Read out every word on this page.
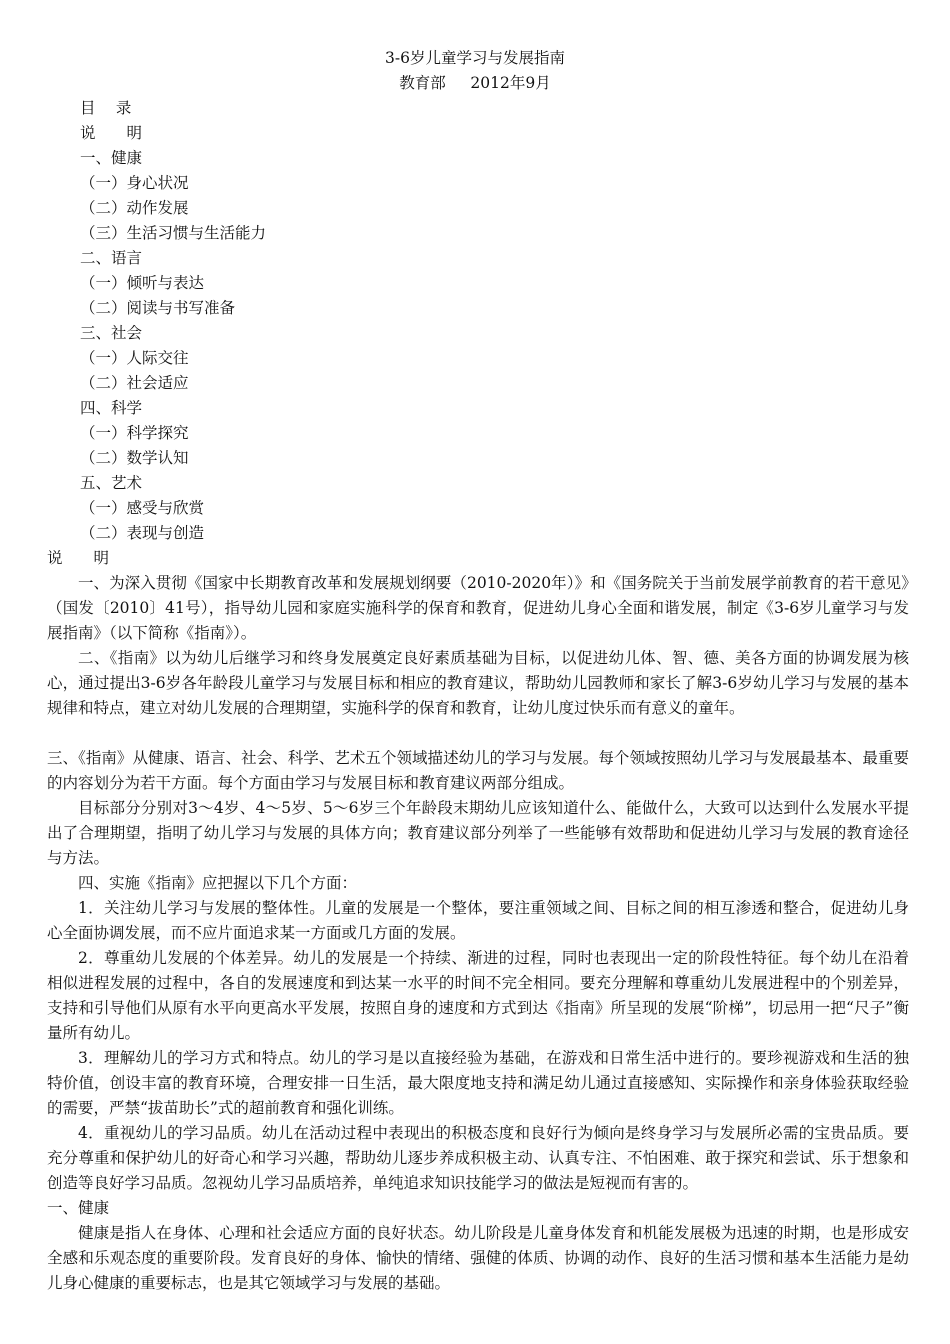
3-6岁儿童学习与发展指南
教育部     2012年9月
目　 录
说　　明
一、健康
（一）身心状况
（二）动作发展
（三）生活习惯与生活能力
二、语言
（一）倾听与表达
（二）阅读与书写准备
三、社会
（一）人际交往
（二）社会适应
四、科学
（一）科学探究
（二）数学认知
五、艺术
（一）感受与欣赏
（二）表现与创造
说　　明
一、为深入贯彻《国家中长期教育改革和发展规划纲要（2010-2020年）》和《国务院关于当前发展学前教育的若干意见》（国发〔2010〕41号），指导幼儿园和家庭实施科学的保育和教育，促进幼儿身心全面和谐发展，制定《3-6岁儿童学习与发展指南》（以下简称《指南》）。
二、《指南》以为幼儿后继学习和终身发展奠定良好素质基础为目标，以促进幼儿体、智、德、美各方面的协调发展为核心，通过提出3-6岁各年龄段儿童学习与发展目标和相应的教育建议，帮助幼儿园教师和家长了解3-6岁幼儿学习与发展的基本规律和特点，建立对幼儿发展的合理期望，实施科学的保育和教育，让幼儿度过快乐而有意义的童年。
三、《指南》从健康、语言、社会、科学、艺术五个领域描述幼儿的学习与发展。每个领域按照幼儿学习与发展最基本、最重要的内容划分为若干方面。每个方面由学习与发展目标和教育建议两部分组成。
目标部分分别对3～4岁、4～5岁、5～6岁三个年龄段末期幼儿应该知道什么、能做什么，大致可以达到什么发展水平提出了合理期望，指明了幼儿学习与发展的具体方向；教育建议部分列举了一些能够有效帮助和促进幼儿学习与发展的教育途径与方法。
四、实施《指南》应把握以下几个方面：
1．关注幼儿学习与发展的整体性。儿童的发展是一个整体，要注重领域之间、目标之间的相互渗透和整合，促进幼儿身心全面协调发展，而不应片面追求某一方面或几方面的发展。
2．尊重幼儿发展的个体差异。幼儿的发展是一个持续、渐进的过程，同时也表现出一定的阶段性特征。每个幼儿在沿着相似进程发展的过程中，各自的发展速度和到达某一水平的时间不完全相同。要充分理解和尊重幼儿发展进程中的个别差异，支持和引导他们从原有水平向更高水平发展，按照自身的速度和方式到达《指南》所呈现的发展“阶梯”，切忌用一把“尺子”衡量所有幼儿。
3．理解幼儿的学习方式和特点。幼儿的学习是以直接经验为基础，在游戏和日常生活中进行的。要珍视游戏和生活的独特价值，创设丰富的教育环境，合理安排一日生活，最大限度地支持和满足幼儿通过直接感知、实际操作和亲身体验获取经验的需要，严禁“拔苗助长”式的超前教育和强化训练。
4．重视幼儿的学习品质。幼儿在活动过程中表现出的积极态度和良好行为倾向是终身学习与发展所必需的宝贵品质。要充分尊重和保护幼儿的好奇心和学习兴趣，帮助幼儿逐步养成积极主动、认真专注、不怕困难、敢于探究和尝试、乐于想象和创造等良好学习品质。忽视幼儿学习品质培养，单纯追求知识技能学习的做法是短视而有害的。
一、健康
健康是指人在身体、心理和社会适应方面的良好状态。幼儿阶段是儿童身体发育和机能发展极为迅速的时期，也是形成安全感和乐观态度的重要阶段。发育良好的身体、愉快的情绪、强健的体质、协调的动作、良好的生活习惯和基本生活能力是幼儿身心健康的重要标志，也是其它领域学习与发展的基础。
